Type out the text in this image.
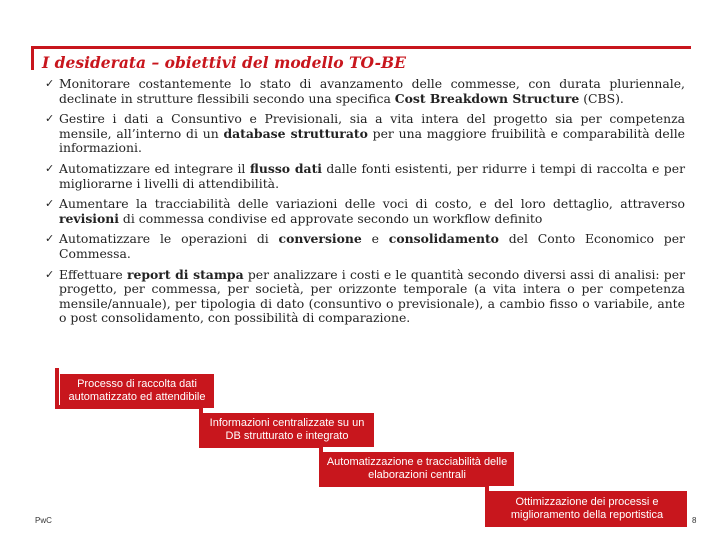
I desiderata – obiettivi del modello TO-BE
✓ Monitorare costantemente lo stato di avanzamento delle commesse, con durata pluriennale, declinate in strutture flessibili secondo una specifica Cost Breakdown Structure (CBS).
✓ Gestire i dati a Consuntivo e Previsionali, sia a vita intera del progetto sia per competenza mensile, all’interno di un database strutturato per una maggiore fruibilità e comparabilità delle informazioni.
✓ Automatizzare ed integrare il flusso dati dalle fonti esistenti, per ridurre i tempi di raccolta e per migliorarne i livelli di attendibilità.
✓ Aumentare la tracciabilità delle variazioni delle voci di costo, e del loro dettaglio, attraverso revisioni di commessa condivise ed approvate secondo un workflow definito
✓ Automatizzare le operazioni di conversione e consolidamento del Conto Economico per Commessa.
✓ Effettuare report di stampa per analizzare i costi e le quantità secondo diversi assi di analisi: per progetto, per commessa, per società, per orizzonte temporale (a vita intera o per competenza mensile/annuale), per tipologia di dato (consuntivo o previsionale), a cambio fisso o variabile, ante o post consolidamento, con possibilità di comparazione.
Processo di raccolta dati automatizzato ed attendibile
Informazioni centralizzate su un DB strutturato e integrato
Automatizzazione e tracciabilità delle elaborazioni centrali
Ottimizzazione dei processi e miglioramento della reportistica
PwC	8
